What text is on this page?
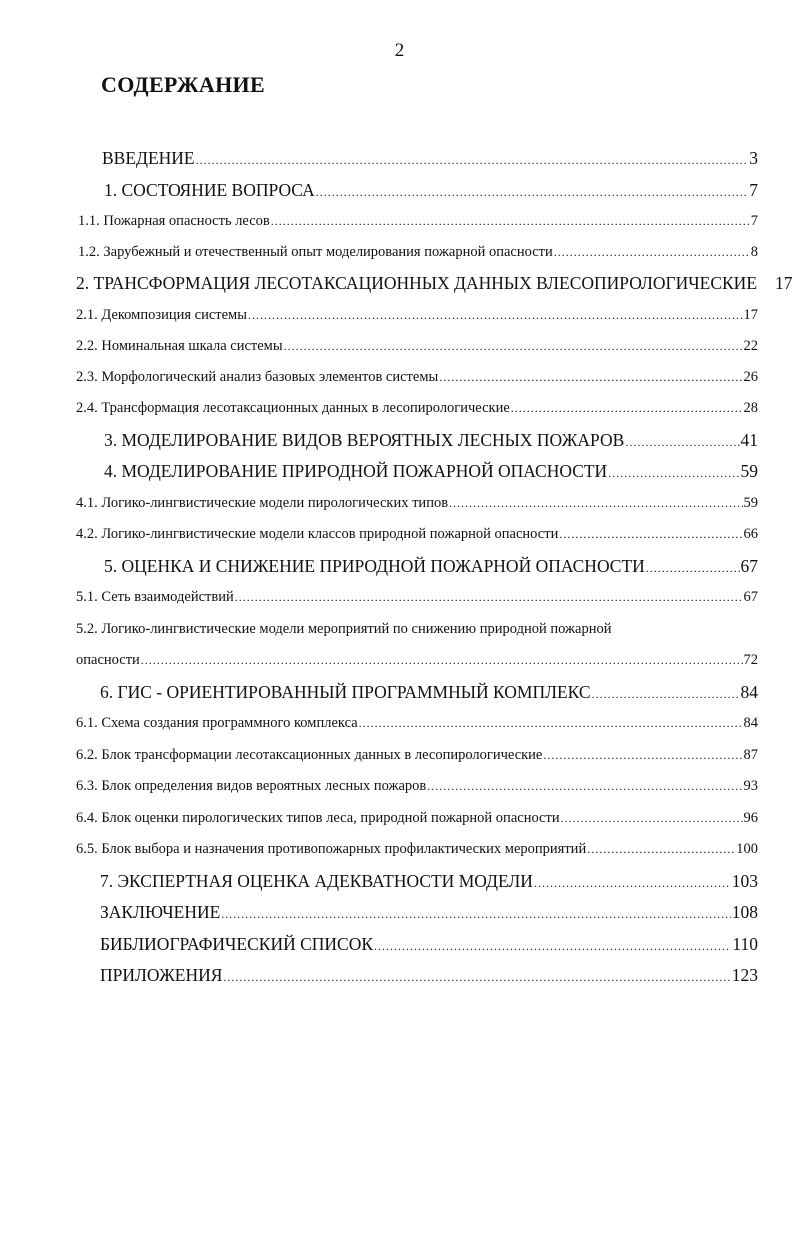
2
СОДЕРЖАНИЕ
ВВЕДЕНИЕ .....	3
1. СОСТОЯНИЕ ВОПРОСА .....	7
1.1. Пожарная опасность лесов .....	7
1.2. Зарубежный и отечественный опыт моделирования пожарной опасности .....	8
2. ТРАНСФОРМАЦИЯ ЛЕСОТАКСАЦИОННЫХ ДАННЫХ ВЛЕСОПИРОЛОГИЧЕСКИЕ 17
2.1. Декомпозиция системы .....	17
2.2. Номинальная шкала системы .....	22
2.3. Морфологический анализ базовых элементов системы .....	26
2.4. Трансформация лесотаксационных данных в лесопирологические .....	28
3. МОДЕЛИРОВАНИЕ ВИДОВ ВЕРОЯТНЫХ ЛЕСНЫХ ПОЖАРОВ .....	41
4. МОДЕЛИРОВАНИЕ ПРИРОДНОЙ ПОЖАРНОЙ ОПАСНОСТИ .....	59
4.1. Логико-лингвистические модели пирологических типов .....	59
4.2. Логико-лингвистические модели классов природной пожарной опасности .....	66
5. ОЦЕНКА И СНИЖЕНИЕ ПРИРОДНОЙ ПОЖАРНОЙ ОПАСНОСТИ .....	67
5.1. Сеть взаимодействий .....	67
5.2. Логико-лингвистические модели мероприятий по снижению природной пожарной
опасности .....	72
6. ГИС - ОРИЕНТИРОВАННЫЙ ПРОГРАММНЫЙ КОМПЛЕКС .....	84
6.1. Схема создания программного комплекса .....	84
6.2. Блок трансформации лесотаксационных данных в лесопирологические .....	87
6.3. Блок определения видов вероятных лесных пожаров .....	93
6.4. Блок оценки пирологических типов леса, природной пожарной опасности .....	96
6.5. Блок выбора и назначения противопожарных профилактических мероприятий .....	100
7. ЭКСПЕРТНАЯ ОЦЕНКА АДЕКВАТНОСТИ МОДЕЛИ .....	103
ЗАКЛЮЧЕНИЕ .....	108
БИБЛИОГРАФИЧЕСКИЙ СПИСОК .....	110
ПРИЛОЖЕНИЯ .....	123
